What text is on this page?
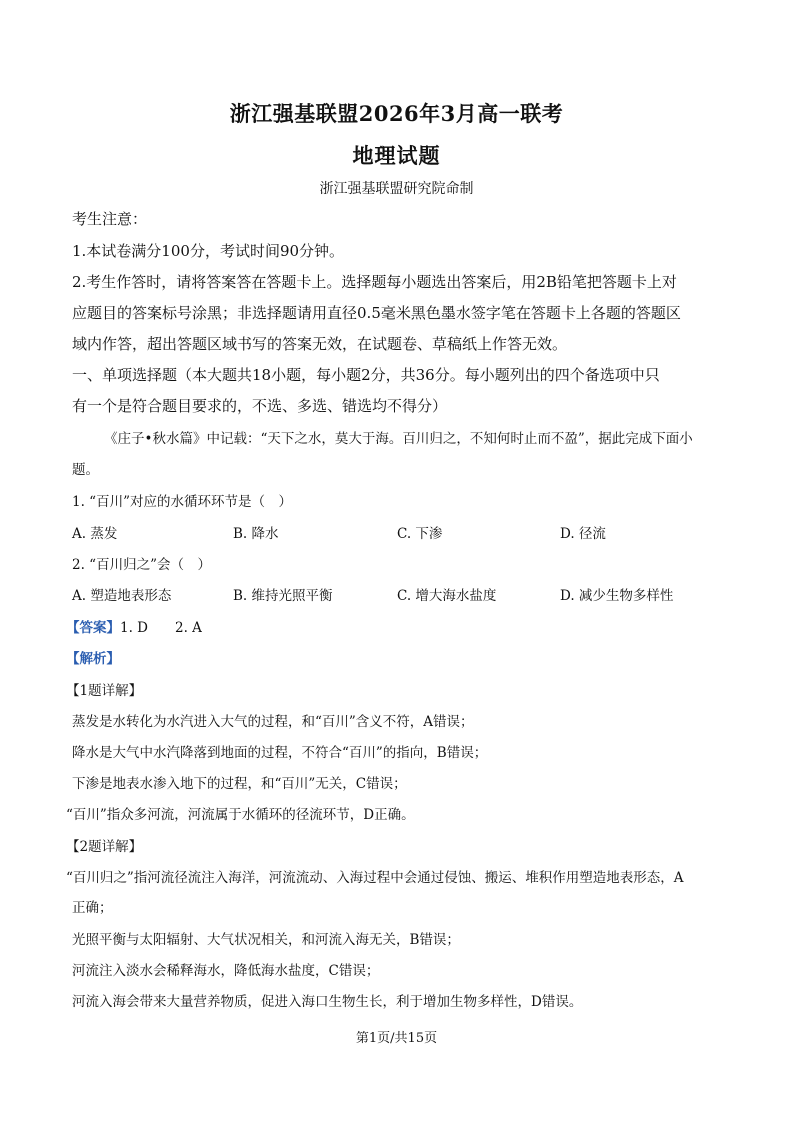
浙江强基联盟2026年3月高一联考
地理试题
浙江强基联盟研究院命制
考生注意：
1.本试卷满分100分，考试时间90分钟。
2.考生作答时，请将答案答在答题卡上。选择题每小题选出答案后，用2B铅笔把答题卡上对
应题目的答案标号涂黑；非选择题请用直径0.5毫米黑色墨水签字笔在答题卡上各题的答题区
域内作答，超出答题区域书写的答案无效，在试题卷、草稿纸上作答无效。
一、单项选择题（本大题共18小题，每小题2分，共36分。每小题列出的四个备选项中只
有一个是符合题目要求的，不选、多选、错选均不得分）
《庄子•秋水篇》中记载：“天下之水，莫大于海。百川归之，不知何时止而不盈”，据此完成下面小
题。
1. “百川”对应的水循环环节是（　）
A. 蒸发	B. 降水	C. 下渗	D. 径流
2. “百川归之”会（　）
A. 塑造地表形态	B. 维持光照平衡	C. 增大海水盐度	D. 减少生物多样性
【答案】1. D　　2. A
【解析】
【1题详解】
蒸发是水转化为水汽进入大气的过程，和“百川”含义不符，A错误；
降水是大气中水汽降落到地面的过程，不符合“百川”的指向，B错误；
下渗是地表水渗入地下的过程，和“百川”无关，C错误；
“百川”指众多河流，河流属于水循环的径流环节，D正确。
【2题详解】
“百川归之”指河流径流注入海洋，河流流动、入海过程中会通过侵蚀、搬运、堆积作用塑造地表形态，A
正确；
光照平衡与太阳辐射、大气状况相关，和河流入海无关，B错误；
河流注入淡水会稀释海水，降低海水盐度，C错误；
河流入海会带来大量营养物质，促进入海口生物生长，利于增加生物多样性，D错误。
第1页/共15页
